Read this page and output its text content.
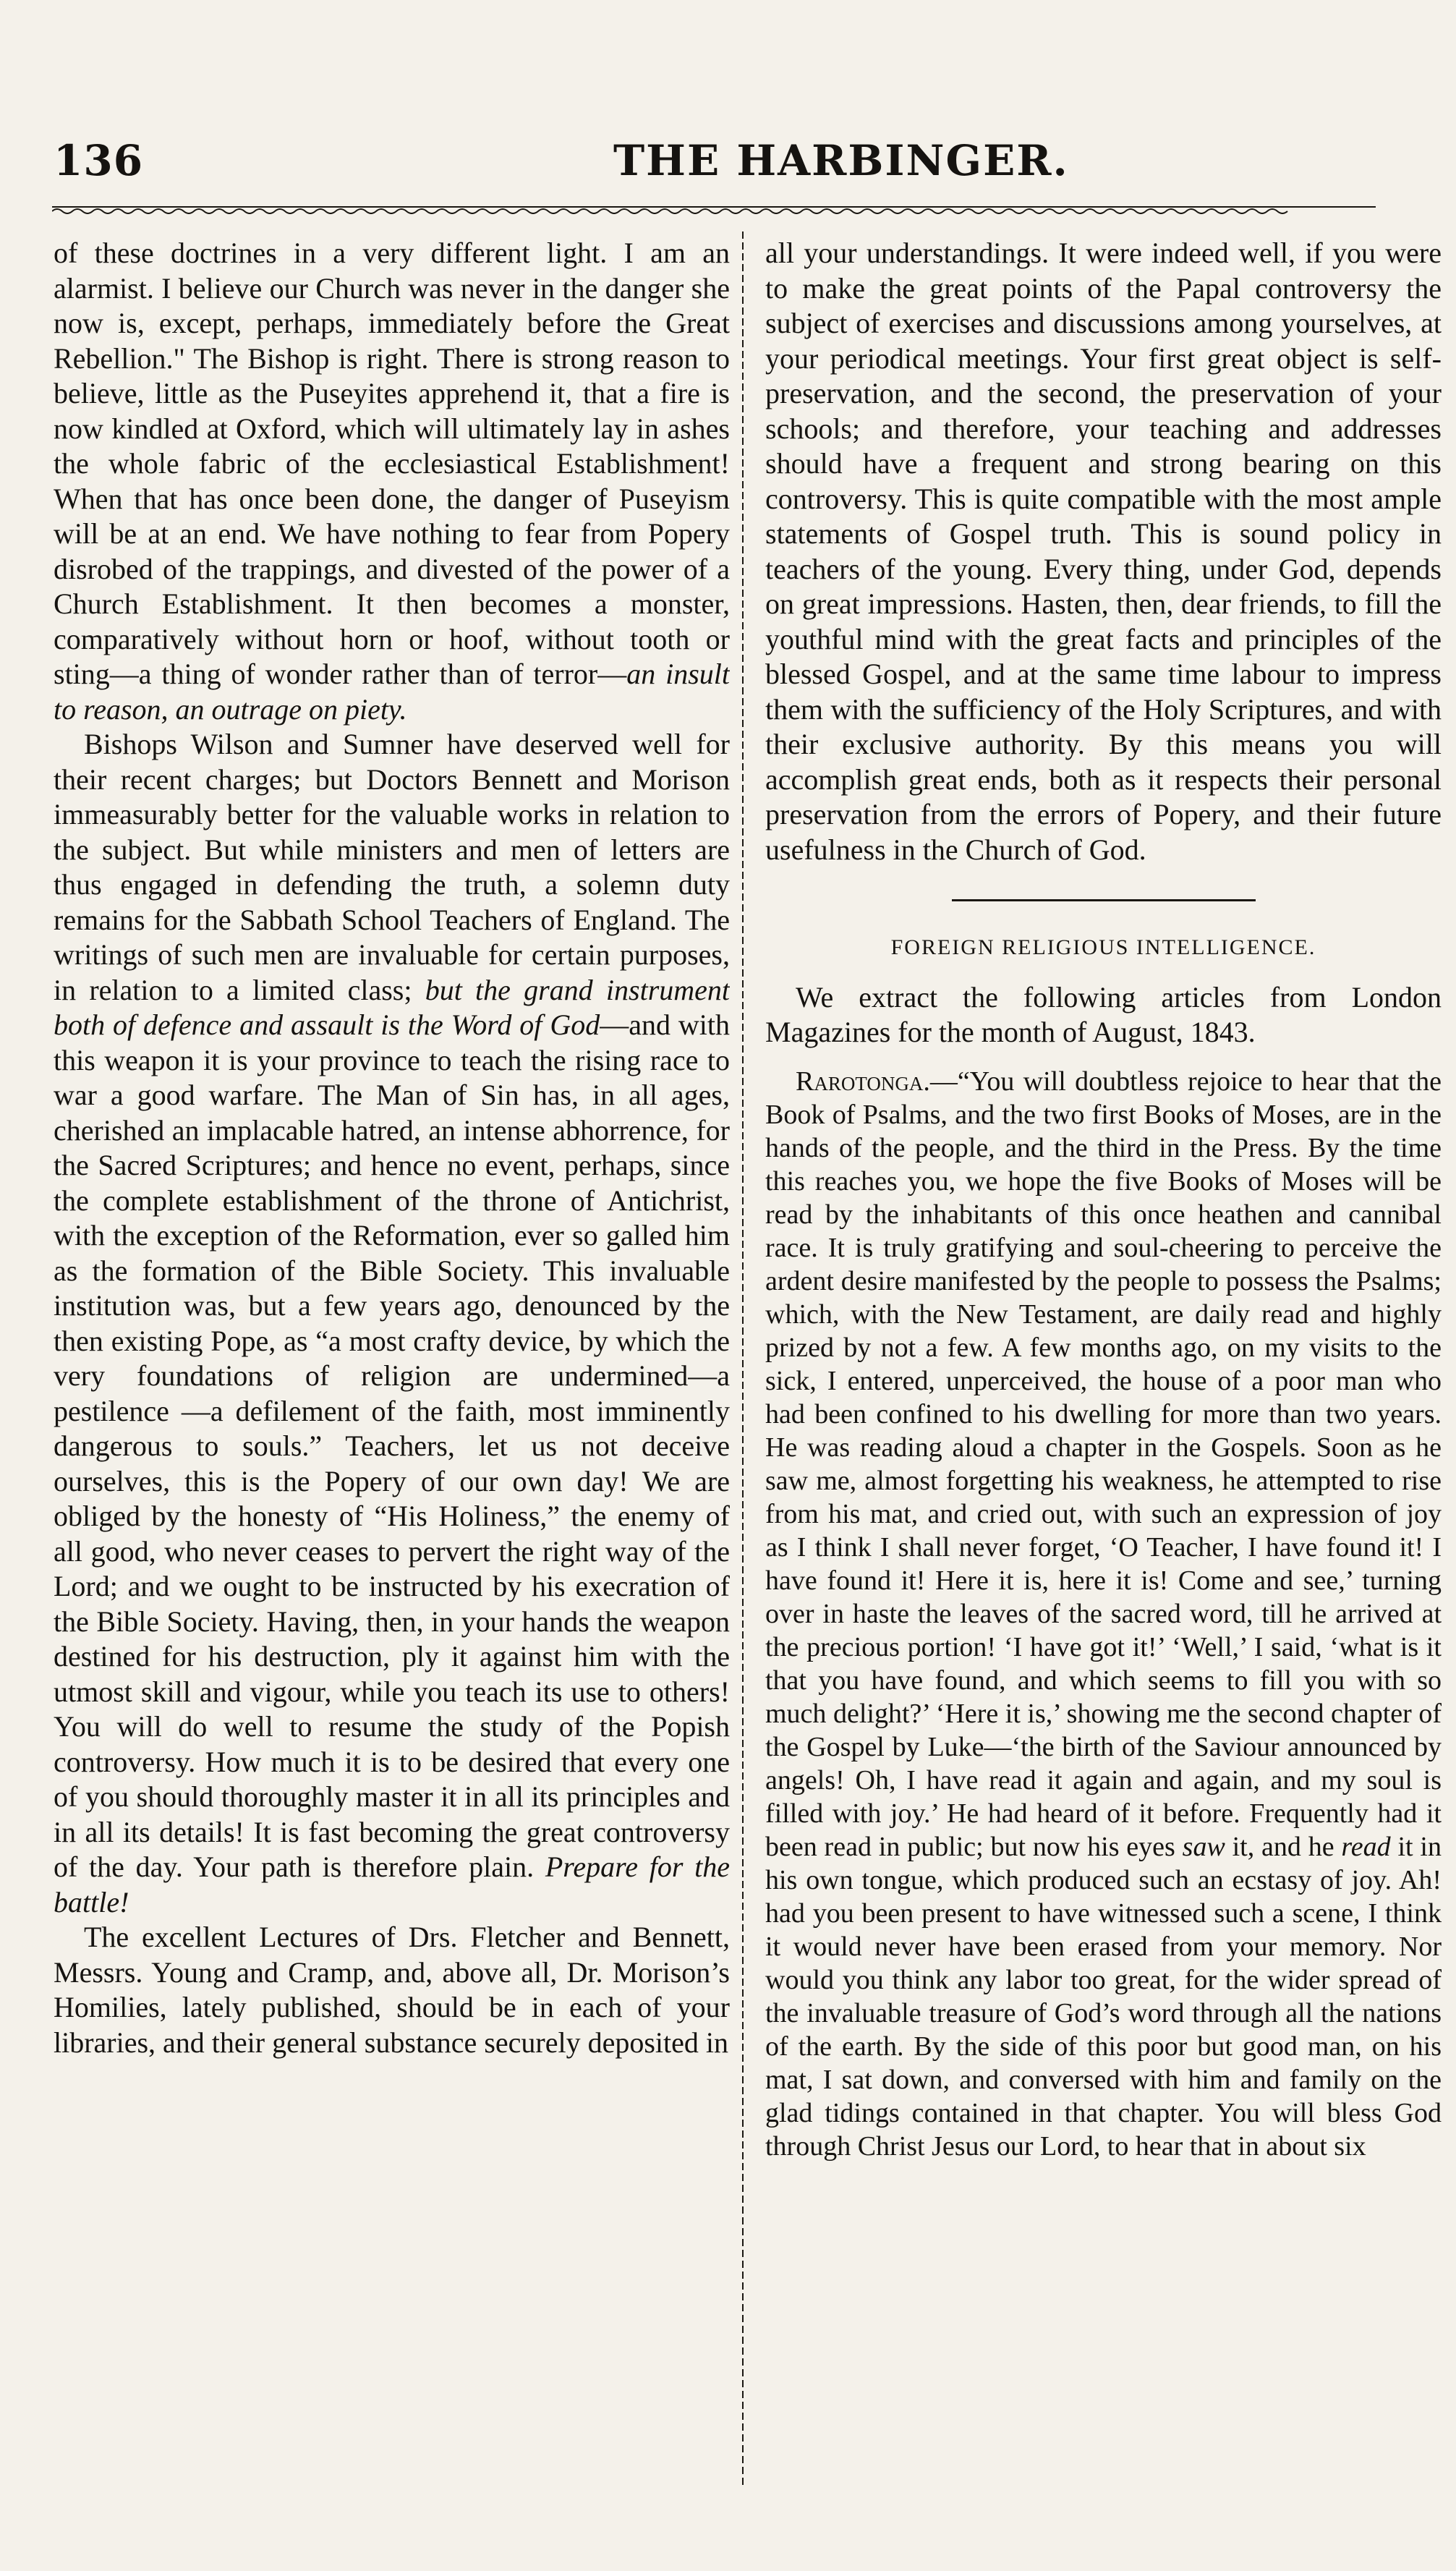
136	THE HARBINGER.

of these doctrines in a very different light. I am an alarmist. I believe our Church was never in the danger she now is, except, perhaps, immediately before the Great Rebellion." The Bishop is right. There is strong reason to believe, little as the Puseyites apprehend it, that a fire is now kindled at Oxford, which will ultimately lay in ashes the whole fabric of the ecclesiastical Establishment! When that has once been done, the danger of Puseyism will be at an end. We have nothing to fear from Popery disrobed of the trappings, and divested of the power of a Church Establishment. It then becomes a monster, comparatively without horn or hoof, without tooth or sting—a thing of wonder rather than of terror—an insult to reason, an outrage on piety.

Bishops Wilson and Sumner have deserved well for their recent charges; but Doctors Bennett and Morison immeasurably better for the valuable works in relation to the subject. But while ministers and men of letters are thus engaged in defending the truth, a solemn duty remains for the Sabbath School Teachers of England. The writings of such men are invaluable for certain purposes, in relation to a limited class; but the grand instrument both of defence and assault is the Word of God—and with this weapon it is your province to teach the rising race to war a good warfare. The Man of Sin has, in all ages, cherished an implacable hatred, an intense abhorrence, for the Sacred Scriptures; and hence no event, perhaps, since the complete establishment of the throne of Antichrist, with the exception of the Reformation, ever so galled him as the formation of the Bible Society. This invaluable institution was, but a few years ago, denounced by the then existing Pope, as “a most crafty device, by which the very foundations of religion are undermined—a pestilence —a defilement of the faith, most imminently dangerous to souls.” Teachers, let us not deceive ourselves, this is the Popery of our own day! We are obliged by the honesty of “His Holiness,” the enemy of all good, who never ceases to pervert the right way of the Lord; and we ought to be instructed by his execration of the Bible Society. Having, then, in your hands the weapon destined for his destruction, ply it against him with the utmost skill and vigour, while you teach its use to others! You will do well to resume the study of the Popish controversy. How much it is to be desired that every one of you should thoroughly master it in all its principles and in all its details! It is fast becoming the great controversy of the day. Your path is therefore plain. Prepare for the battle!

The excellent Lectures of Drs. Fletcher and Bennett, Messrs. Young and Cramp, and, above all, Dr. Morison’s Homilies, lately published, should be in each of your libraries, and their general substance securely deposited in

all your understandings. It were indeed well, if you were to make the great points of the Papal controversy the subject of exercises and discussions among yourselves, at your periodical meetings. Your first great object is self-preservation, and the second, the preservation of your schools; and therefore, your teaching and addresses should have a frequent and strong bearing on this controversy. This is quite compatible with the most ample statements of Gospel truth. This is sound policy in teachers of the young. Every thing, under God, depends on great impressions. Hasten, then, dear friends, to fill the youthful mind with the great facts and principles of the blessed Gospel, and at the same time labour to impress them with the sufficiency of the Holy Scriptures, and with their exclusive authority. By this means you will accomplish great ends, both as it respects their personal preservation from the errors of Popery, and their future usefulness in the Church of God.

FOREIGN RELIGIOUS INTELLIGENCE.

We extract the following articles from London Magazines for the month of August, 1843.

Rarotonga.—“You will doubtless rejoice to hear that the Book of Psalms, and the two first Books of Moses, are in the hands of the people, and the third in the Press. By the time this reaches you, we hope the five Books of Moses will be read by the inhabitants of this once heathen and cannibal race. It is truly gratifying and soul-cheering to perceive the ardent desire manifested by the people to possess the Psalms; which, with the New Testament, are daily read and highly prized by not a few. A few months ago, on my visits to the sick, I entered, unperceived, the house of a poor man who had been confined to his dwelling for more than two years. He was reading aloud a chapter in the Gospels. Soon as he saw me, almost forgetting his weakness, he attempted to rise from his mat, and cried out, with such an expression of joy as I think I shall never forget, ‘O Teacher, I have found it! I have found it! Here it is, here it is! Come and see,’ turning over in haste the leaves of the sacred word, till he arrived at the precious portion! ‘I have got it!’ ‘Well,’ I said, ‘what is it that you have found, and which seems to fill you with so much delight?’ ‘Here it is,’ showing me the second chapter of the Gospel by Luke—‘the birth of the Saviour announced by angels! Oh, I have read it again and again, and my soul is filled with joy.’ He had heard of it before. Frequently had it been read in public; but now his eyes saw it, and he read it in his own tongue, which produced such an ecstasy of joy. Ah! had you been present to have witnessed such a scene, I think it would never have been erased from your memory. Nor would you think any labor too great, for the wider spread of the invaluable treasure of God’s word through all the nations of the earth. By the side of this poor but good man, on his mat, I sat down, and conversed with him and family on the glad tidings contained in that chapter. You will bless God through Christ Jesus our Lord, to hear that in about six
